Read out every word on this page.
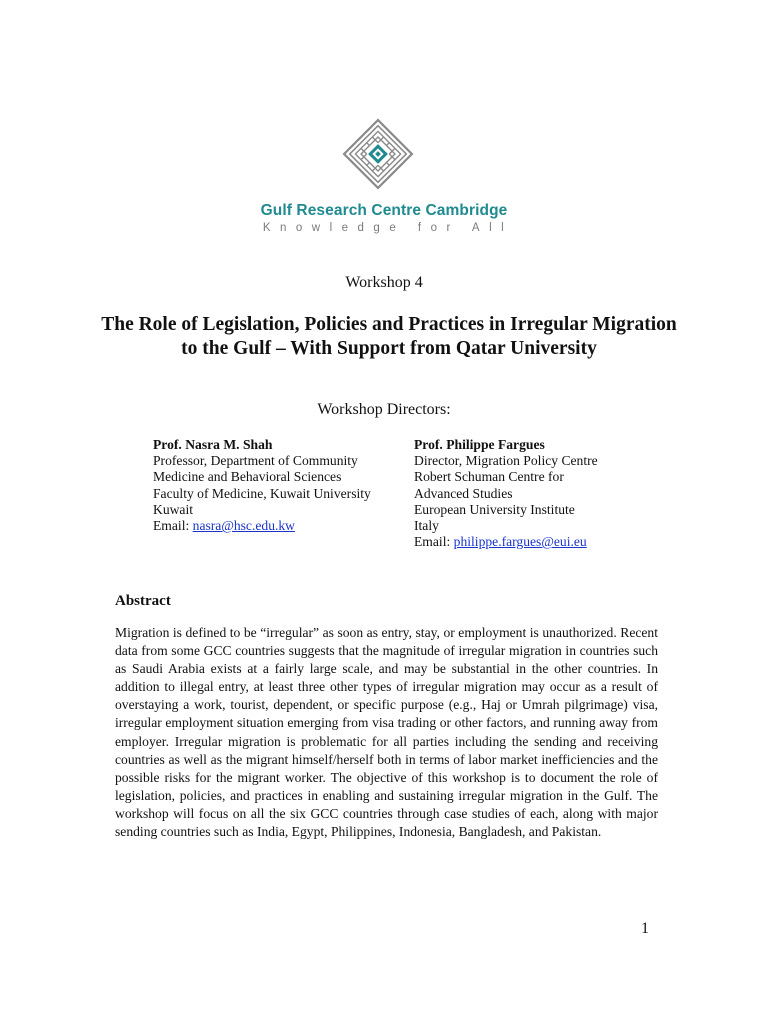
Gulf Research Centre Cambridge
Knowledge for All
Workshop 4
The Role of Legislation, Policies and Practices in Irregular Migration to the Gulf – With Support from Qatar University
Workshop Directors:
Prof. Nasra M. Shah
Professor, Department of Community
Medicine and Behavioral Sciences
Faculty of Medicine, Kuwait University
Kuwait
Email: nasra@hsc.edu.kw
Prof. Philippe Fargues
Director, Migration Policy Centre
Robert Schuman Centre for
Advanced Studies
European University Institute
Italy
Email: philippe.fargues@eui.eu
Abstract

Migration is defined to be “irregular” as soon as entry, stay, or employment is unauthorized. Recent data from some GCC countries suggests that the magnitude of irregular migration in countries such as Saudi Arabia exists at a fairly large scale, and may be substantial in the other countries. In addition to illegal entry, at least three other types of irregular migration may occur as a result of overstaying a work, tourist, dependent, or specific purpose (e.g., Haj or Umrah pilgrimage) visa, irregular employment situation emerging from visa trading or other factors, and running away from employer. Irregular migration is problematic for all parties including the sending and receiving countries as well as the migrant himself/herself both in terms of labor market inefficiencies and the possible risks for the migrant worker. The objective of this workshop is to document the role of legislation, policies, and practices in enabling and sustaining irregular migration in the Gulf. The workshop will focus on all the six GCC countries through case studies of each, along with major sending countries such as India, Egypt, Philippines, Indonesia, Bangladesh, and Pakistan.

1
